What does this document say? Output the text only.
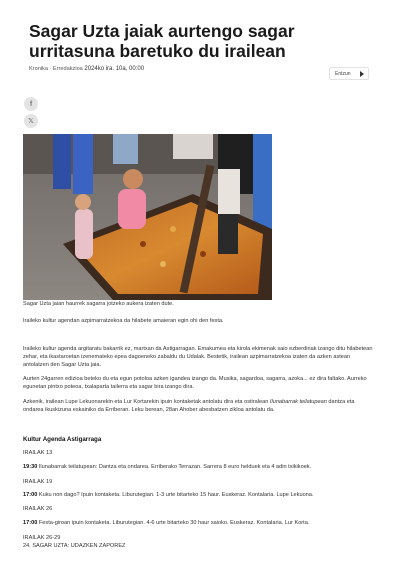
Sagar Uzta jaiak aurtengo sagar urritasuna baretuko du irailean
Kronika · Erredakzioa 2024ko ira. 10a, 00:00
Entzun
f
𝕏
Sagar Uzta jaian haurrek sagarra jotzeko aukera izaten dute.

Iraileko kultur agendan azpimarratzekoa da hilabete amaieran egin ohi den festa.

Iraileko kultur agenda argitaratu bakarrik ez, martxan da Astigarragan. Emakumea eta kirola ekimenak saio ezberdinak izango ditu hilabetean zehar, eta ikastaroetan izenematekо epea dagoeneko zabaldu du Udalak. Bestetik, irailean azpimarratzekoa izaten da azken astean antolatzen den Sagar Uzta jaia.

Aurten 24garren edizioa beteko du eta egun potoloa azken igandea izango da. Musika, sagardoa, sagarra, azoka... ez dira faltako. Aurreko egunetan pintxo poteoa, txalaparta tailerra eta sagar bira izango dira.

Azkenik, irailean Lupe Lekuonarekin eta Lur Kortarekin ipuin kontaketak antolatu dira eta ostiralean Ilunabarrak teilatupean dantza eta ondarea ikuskizuna eskainiko da Erriberan. Leku berean, 28an Ahober abesbatzen zikloa antolatu da.

Kultur Agenda Astigarraga
IRAILAK 13
19:30 Ilunabarrak teilatupean: Dantza eta ondarea. Erriberako Terrazan. Sarrera 8 euro helduek eta 4 adin txikikoek.
IRAILAK 19
17:00 Kuku non dago? Ipuin kontaketa. Liburutegian. 1-3 urte bitarteko 15 haur. Euskeraz. Kontalaria. Lupe Lekuona.
IRAILAK 26
17:00 Festa-giroan ipuin kontaketa. Liburutegian. 4-6 urte bitarteko 30 haur saioko. Euskeraz. Kontalaria. Lur Korta.
IRAILAK 26-29
24. SAGAR UZTA: UDAZKEN ZAPOREZ
